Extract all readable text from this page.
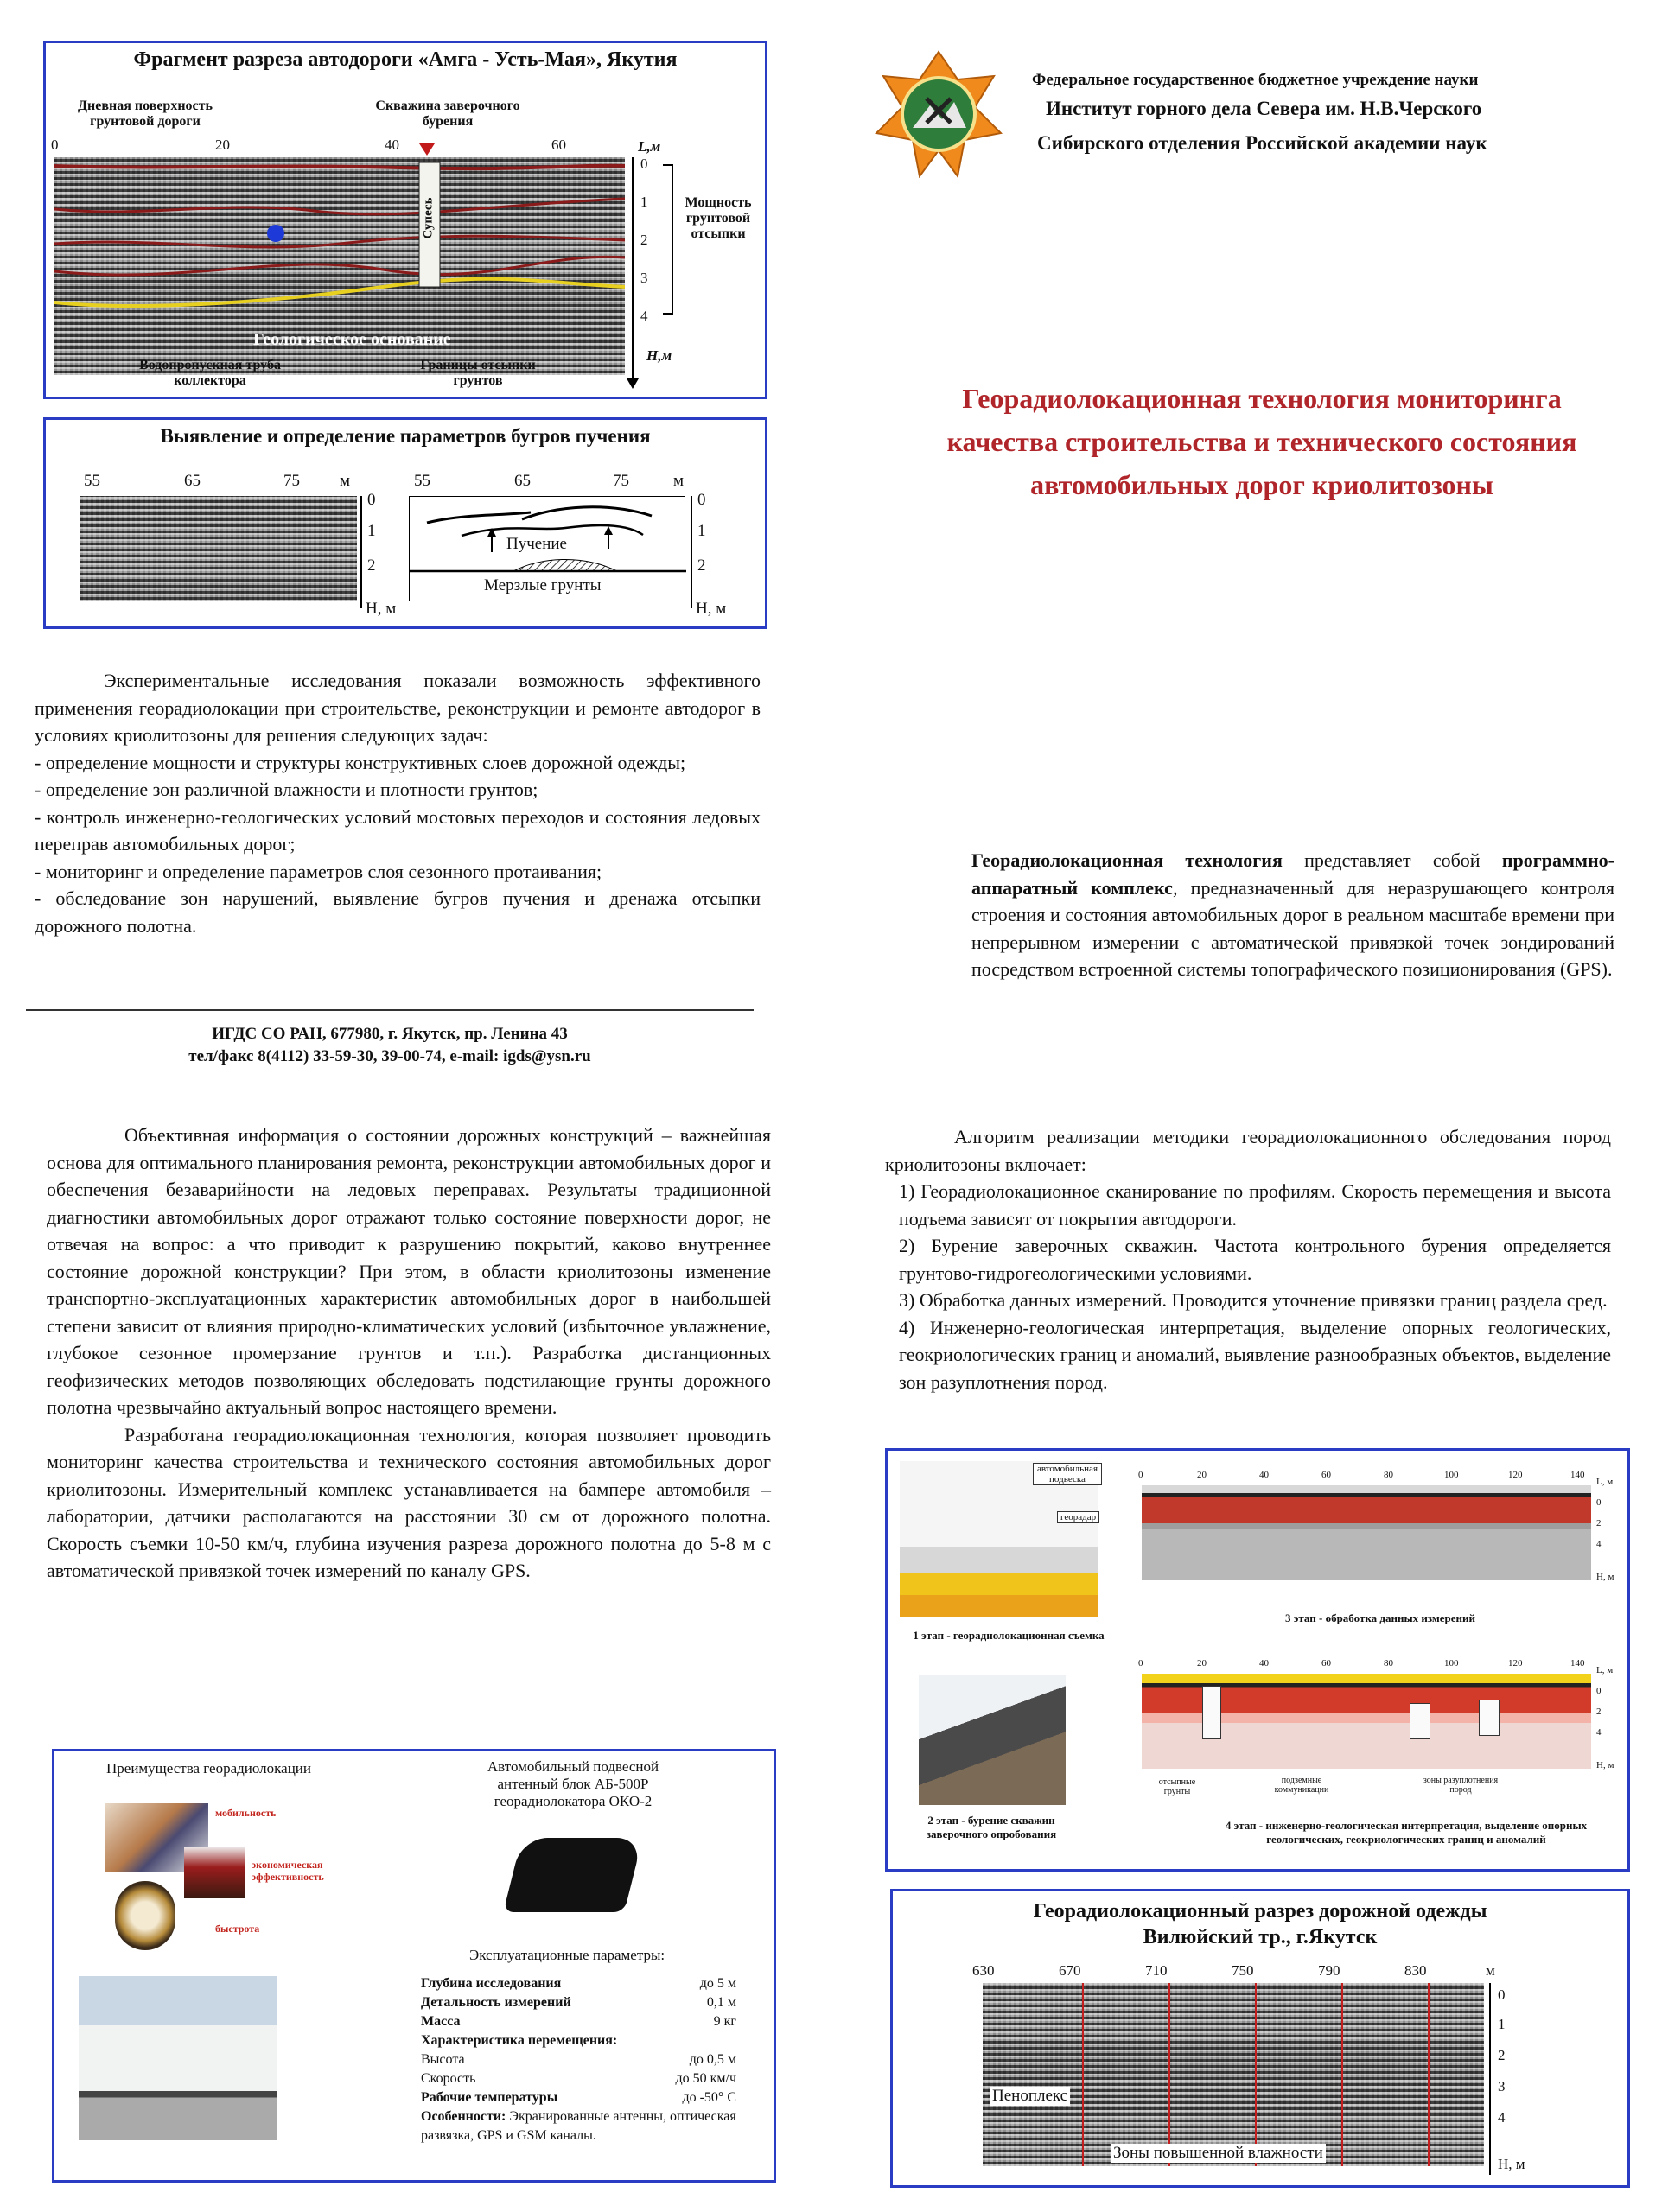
Фрагмент разреза автодороги «Амга - Усть-Мая», Якутия
Дневная поверхность грунтовой дороги
Скважина заверочного бурения
0	20	40	60	L,м
Супесь
Геологическое основание
0
1
2
3
4
H,м
Мощность грунтовой отсыпки
Водопропускная труба коллектора
Границы отсыпки грунтов
Выявление и определение параметров бугров пучения
55	65	75 м
0
1
2
Н, м
55	65	75	м
Пучение
Мерзлые грунты
0
1
2
Н, м

Экспериментальные исследования показали возможность эффективного применения георадиолокации при строительстве, реконструкции и ремонте автодорог в условиях криолитозоны для решения следующих задач:

- определение мощности и структуры конструктивных слоев дорожной одежды;

- определение зон различной влажности и плотности грунтов;

- контроль инженерно-геологических условий мостовых переходов и состояния ледовых переправ автомобильных дорог;

- мониторинг и определение параметров слоя сезонного протаивания;

- обследование зон нарушений, выявление бугров пучения и дренажа отсыпки дорожного полотна.

ИГДС СО РАН, 677980, г. Якутск, пр. Ленина 43
тел/факс 8(4112) 33-59-30, 39-00-74, e-mail: igds@ysn.ru
Федеральное государственное бюджетное учреждение науки
Институт горного дела Севера им. Н.В.Черского
Сибирского отделения Российской академии наук
Георадиолокационная технология мониторинга качества строительства и технического состояния автомобильных дорог криолитозоны

Георадиолокационная технология представляет собой программно-аппаратный комплекс, предназначенный для неразрушающего контроля строения и состояния автомобильных дорог в реальном масштабе времени при непрерывном измерении с автоматической привязкой точек зондирований посредством встроенной системы топографического позиционирования (GPS).

Объективная информация о состоянии дорожных конструкций – важнейшая основа для оптимального планирования ремонта, реконструкции автомобильных дорог и обеспечения безаварийности на ледовых переправах. Результаты традиционной диагностики автомобильных дорог отражают только состояние поверхности дорог, не отвечая на вопрос: а что приводит к разрушению покрытий, каково внутреннее состояние дорожной конструкции? При этом, в области криолитозоны изменение транспортно-эксплуатационных характеристик автомобильных дорог в наибольшей степени зависит от влияния природно-климатических условий (избыточное увлажнение, глубокое сезонное промерзание грунтов и т.п.). Разработка дистанционных геофизических методов позволяющих обследовать подстилающие грунты дорожного полотна чрезвычайно актуальный вопрос настоящего времени.

Разработана георадиолокационная технология, которая позволяет проводить мониторинг качества строительства и технического состояния автомобильных дорог криолитозоны. Измерительный комплекс устанавливается на бампере автомобиля – лаборатории, датчики располагаются на расстоянии 30 см от дорожного полотна. Скорость съемки 10-50 км/ч, глубина изучения разреза дорожного полотна до 5-8 м с автоматической привязкой точек измерений по каналу GPS.

Преимущества георадиолокации
мобильность
экономическая эффективность
быстрота
Автомобильный подвесной антенный блок АБ-500Р георадиолокатора ОКО-2
Эксплуатационные параметры:
Глубина исследования	до 5 м
Детальность измерений	0,1 м
Масса	9 кг
Характеристика перемещения:
Высота	до 0,5 м
Скорость	до 50 км/ч
Рабочие температуры	до -50° С
Особенности: Экранированные антенны, оптическая развязка, GPS и GSM каналы.

Алгоритм реализации методики георадиолокационного обследования пород криолитозоны включает:

1) Георадиолокационное сканирование по профилям. Скорость перемещения и высота подъема зависят от покрытия автодороги.

2) Бурение заверочных скважин. Частота контрольного бурения определяется грунтово-гидрогеологическими условиями.

3) Обработка данных измерений. Проводится уточнение привязки границ раздела сред.

4) Инженерно-геологическая интерпретация, выделение опорных геологических, геокриологических границ и аномалий, выявление разнообразных объектов, выделение зон разуплотнения пород.

автомобильная подвеска
георадар
1 этап - георадиолокационная съемка
0	20	40	60	80	100	120	140
L, м
0
2
4
H, м
3 этап - обработка данных измерений
2 этап - бурение скважин заверочного опробования
0	20	40	60	80	100	120	140
L, м
0
2
4
H, м
отсыпные грунты
подземные коммуникации
зоны разуплотнения пород
4 этап - инженерно-геологическая интерпретация, выделение опорных геологических, геокриологических границ и аномалий
Георадиолокационный разрез дорожной одежды
Вилюйский тр., г.Якутск
630	670	710	750	790	830	м
Пеноплекс
Зоны повышенной влажности
0
1
2
3
4
Н, м
